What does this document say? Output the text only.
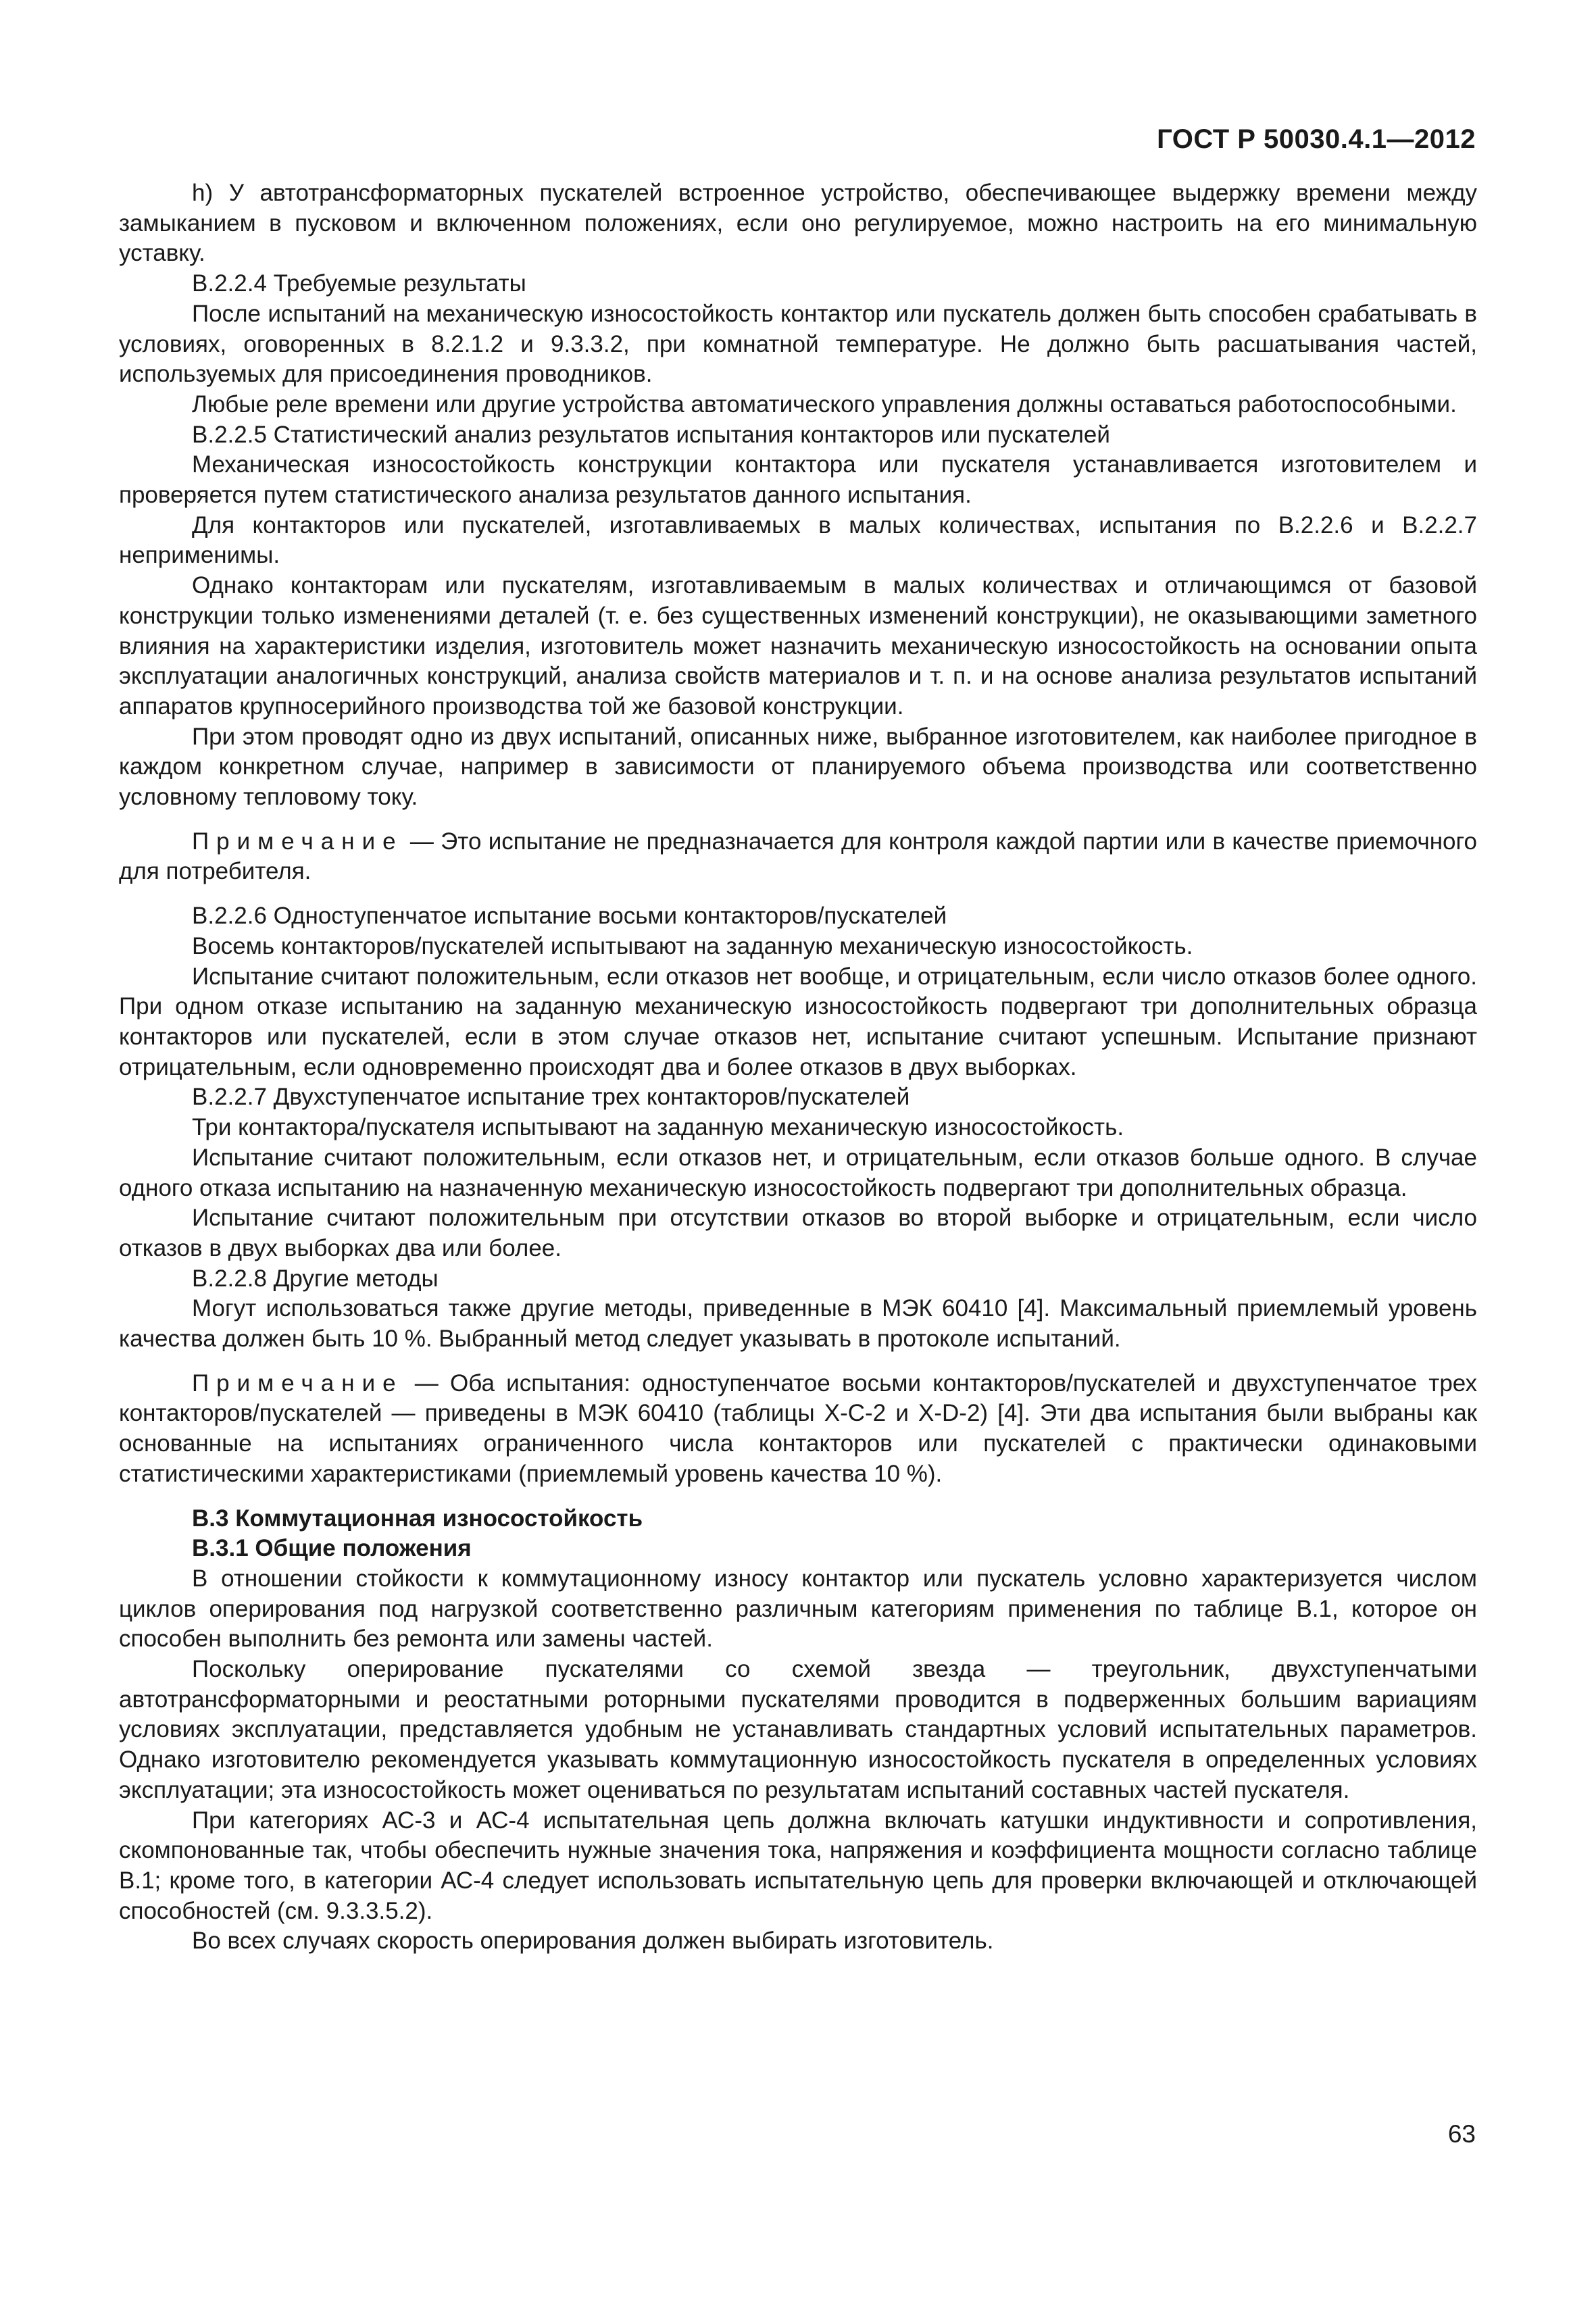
ГОСТ Р 50030.4.1—2012

h) У автотрансформаторных пускателей встроенное устройство, обеспечивающее выдержку времени между замыканием в пусковом и включенном положениях, если оно регулируемое, можно настроить на его минимальную уставку.

В.2.2.4 Требуемые результаты

После испытаний на механическую износостойкость контактор или пускатель должен быть способен срабатывать в условиях, оговоренных в 8.2.1.2 и 9.3.3.2, при комнатной температуре. Не должно быть расшатывания частей, используемых для присоединения проводников.

Любые реле времени или другие устройства автоматического управления должны оставаться работоспособными.

В.2.2.5 Статистический анализ результатов испытания контакторов или пускателей

Механическая износостойкость конструкции контактора или пускателя устанавливается изготовителем и проверяется путем статистического анализа результатов данного испытания.

Для контакторов или пускателей, изготавливаемых в малых количествах, испытания по В.2.2.6 и В.2.2.7 неприменимы.

Однако контакторам или пускателям, изготавливаемым в малых количествах и отличающимся от базовой конструкции только изменениями деталей (т. е. без существенных изменений конструкции), не оказывающими заметного влияния на характеристики изделия, изготовитель может назначить механическую износостойкость на основании опыта эксплуатации аналогичных конструкций, анализа свойств материалов и т. п. и на основе анализа результатов испытаний аппаратов крупносерийного производства той же базовой конструкции.

При этом проводят одно из двух испытаний, описанных ниже, выбранное изготовителем, как наиболее пригодное в каждом конкретном случае, например в зависимости от планируемого объема производства или соответственно условному тепловому току.

Примечание — Это испытание не предназначается для контроля каждой партии или в качестве приемочного для потребителя.

В.2.2.6 Одноступенчатое испытание восьми контакторов/пускателей

Восемь контакторов/пускателей испытывают на заданную механическую износостойкость.

Испытание считают положительным, если отказов нет вообще, и отрицательным, если число отказов более одного. При одном отказе испытанию на заданную механическую износостойкость подвергают три дополнительных образца контакторов или пускателей, если в этом случае отказов нет, испытание считают успешным. Испытание признают отрицательным, если одновременно происходят два и более отказов в двух выборках.

В.2.2.7 Двухступенчатое испытание трех контакторов/пускателей

Три контактора/пускателя испытывают на заданную механическую износостойкость.

Испытание считают положительным, если отказов нет, и отрицательным, если отказов больше одного. В случае одного отказа испытанию на назначенную механическую износостойкость подвергают три дополнительных образца.

Испытание считают положительным при отсутствии отказов во второй выборке и отрицательным, если число отказов в двух выборках два или более.

В.2.2.8 Другие методы

Могут использоваться также другие методы, приведенные в МЭК 60410 [4]. Максимальный приемлемый уровень качества должен быть 10 %. Выбранный метод следует указывать в протоколе испытаний.

Примечание — Оба испытания: одноступенчатое восьми контакторов/пускателей и двухступенчатое трех контакторов/пускателей — приведены в МЭК 60410 (таблицы X-C-2 и X-D-2) [4]. Эти два испытания были выбраны как основанные на испытаниях ограниченного числа контакторов или пускателей с практически одинаковыми статистическими характеристиками (приемлемый уровень качества 10 %).

В.3 Коммутационная износостойкость

В.3.1 Общие положения

В отношении стойкости к коммутационному износу контактор или пускатель условно характеризуется числом циклов оперирования под нагрузкой соответственно различным категориям применения по таблице В.1, которое он способен выполнить без ремонта или замены частей.

Поскольку оперирование пускателями со схемой звезда — треугольник, двухступенчатыми автотрансформаторными и реостатными роторными пускателями проводится в подверженных большим вариациям условиях эксплуатации, представляется удобным не устанавливать стандартных условий испытательных параметров. Однако изготовителю рекомендуется указывать коммутационную износостойкость пускателя в определенных условиях эксплуатации; эта износостойкость может оцениваться по результатам испытаний составных частей пускателя.

При категориях АС-3 и АС-4 испытательная цепь должна включать катушки индуктивности и сопротивления, скомпонованные так, чтобы обеспечить нужные значения тока, напряжения и коэффициента мощности согласно таблице В.1; кроме того, в категории АС-4 следует использовать испытательную цепь для проверки включающей и отключающей способностей (см. 9.3.3.5.2).

Во всех случаях скорость оперирования должен выбирать изготовитель.

63
